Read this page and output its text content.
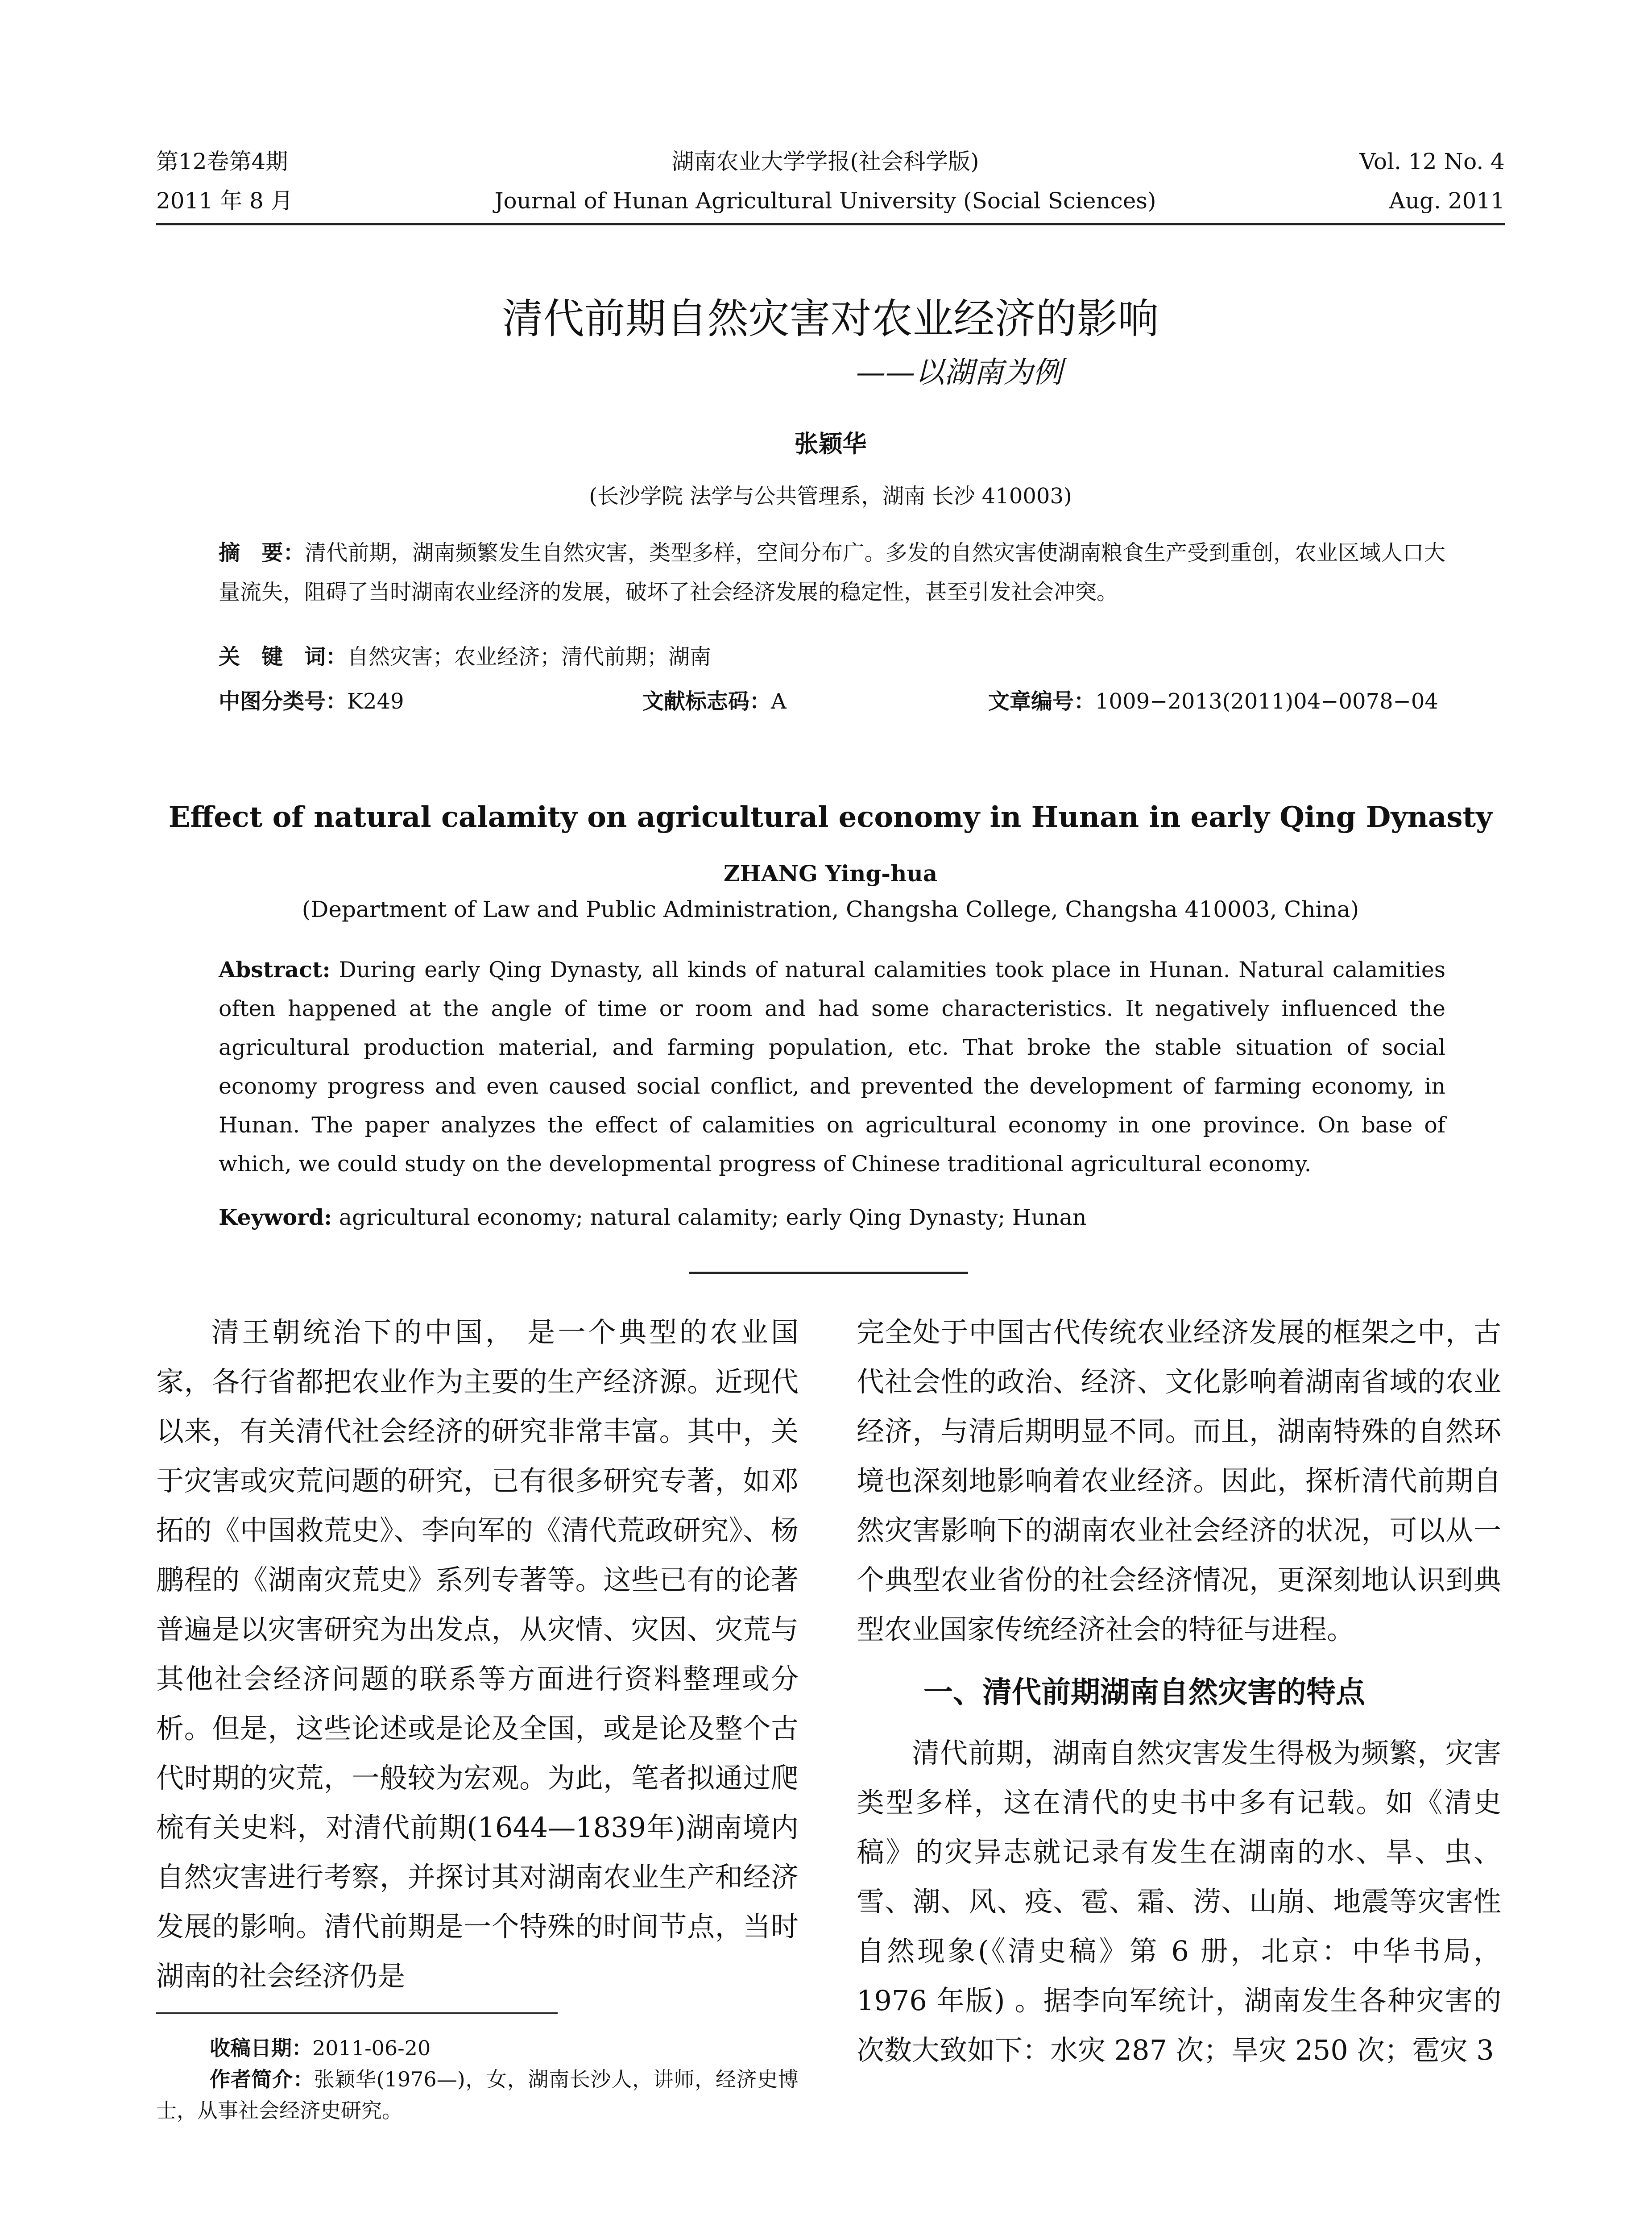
第12卷第4期	湖南农业大学学报(社会科学版)	Vol. 12 No. 4
2011 年 8 月	Journal of Hunan Agricultural University (Social Sciences)	Aug. 2011
清代前期自然灾害对农业经济的影响
——以湖南为例
张颖华
(长沙学院 法学与公共管理系，湖南 长沙 410003)
摘　要：清代前期，湖南频繁发生自然灾害，类型多样，空间分布广。多发的自然灾害使湖南粮食生产受到重创，农业区域人口大量流失，阻碍了当时湖南农业经济的发展，破坏了社会经济发展的稳定性，甚至引发社会冲突。
关　键　词：自然灾害；农业经济；清代前期；湖南
中图分类号：K249	文献标志码：A	文章编号：1009−2013(2011)04−0078−04
Effect of natural calamity on agricultural economy in Hunan in early Qing Dynasty
ZHANG Ying-hua
(Department of Law and Public Administration, Changsha College, Changsha 410003, China)
Abstract: During early Qing Dynasty, all kinds of natural calamities took place in Hunan. Natural calamities often happened at the angle of time or room and had some characteristics. It negatively influenced the agricultural production material, and farming population, etc. That broke the stable situation of social economy progress and even caused social conflict, and prevented the development of farming economy, in Hunan. The paper analyzes the effect of calamities on agricultural economy in one province. On base of which, we could study on the developmental progress of Chinese traditional agricultural economy.
Keyword: agricultural economy; natural calamity; early Qing Dynasty; Hunan

清王朝统治下的中国， 是一个典型的农业国家，各行省都把农业作为主要的生产经济源。近现代以来，有关清代社会经济的研究非常丰富。其中，关于灾害或灾荒问题的研究，已有很多研究专著，如邓拓的《中国救荒史》、李向军的《清代荒政研究》、杨鹏程的《湖南灾荒史》系列专著等。这些已有的论著普遍是以灾害研究为出发点，从灾情、灾因、灾荒与其他社会经济问题的联系等方面进行资料整理或分析。但是，这些论述或是论及全国，或是论及整个古代时期的灾荒，一般较为宏观。为此，笔者拟通过爬梳有关史料，对清代前期(1644—1839年)湖南境内自然灾害进行考察，并探讨其对湖南农业生产和经济发展的影响。清代前期是一个特殊的时间节点，当时湖南的社会经济仍是

收稿日期：2011-06-20
作者简介：张颖华(1976—)，女，湖南长沙人，讲师，经济史博士，从事社会经济史研究。

完全处于中国古代传统农业经济发展的框架之中，古代社会性的政治、经济、文化影响着湖南省域的农业经济，与清后期明显不同。而且，湖南特殊的自然环境也深刻地影响着农业经济。因此，探析清代前期自然灾害影响下的湖南农业社会经济的状况，可以从一个典型农业省份的社会经济情况，更深刻地认识到典型农业国家传统经济社会的特征与进程。

一、清代前期湖南自然灾害的特点

清代前期，湖南自然灾害发生得极为频繁，灾害类型多样，这在清代的史书中多有记载。如《清史稿》的灾异志就记录有发生在湖南的水、旱、虫、雪、潮、风、疫、雹、霜、涝、山崩、地震等灾害性自然现象(《清史稿》第 6 册，北京：中华书局，1976 年版) 。据李向军统计，湖南发生各种灾害的次数大致如下：水灾 287 次；旱灾 250 次；雹灾 3
